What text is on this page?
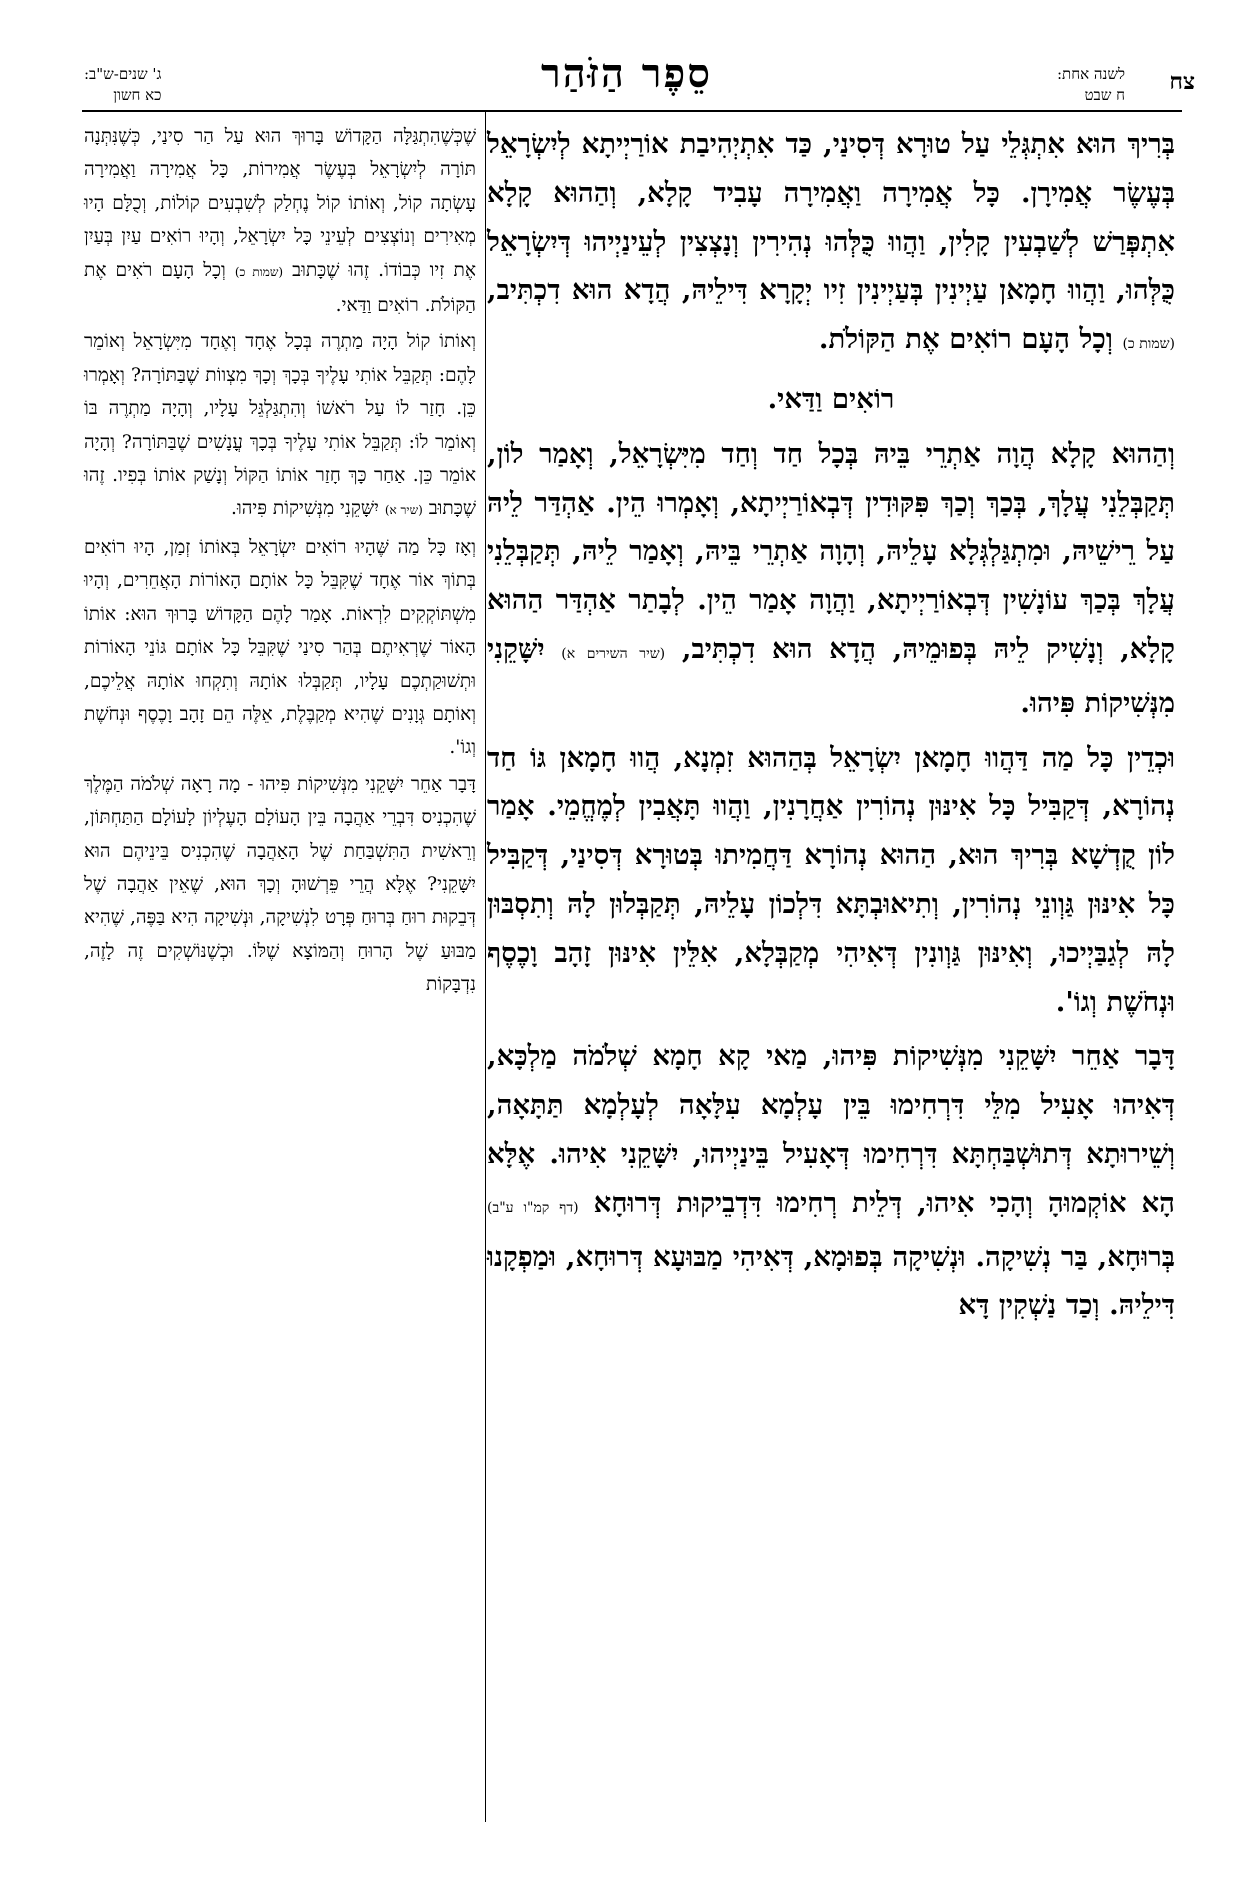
צח
לשנה אחת:
ח שבט
סֵפֶר הַזֹּהַר
ג' שנים-ש"ב:
כא חשון

בְּרִיךְ הוּא אִתְגְּלֵי עַל טוּרָא דְּסִינַי, כַּד אִתְיְהִיבַת אוֹרַיְיתָא לְיִשְׂרָאֵל בְּעֶשֶׂר אֲמִירָן. כָּל אֲמִירָה וַאֲמִירָה עָבִיד קָלָא, וְהַהוּא קָלָא אִתְפְּרַשׁ לְשַׁבְעִין קָלִין, וַהֲווּ כֻּלְּהוּ נְהִירִין וְנָצְצִין לְעֵינַיְיהוּ דְּיִשְׂרָאֵל כֻּלְּהוּ, וַהֲווּ חָמָאן עַיְינִין בְּעַיְינִין זִיו יְקָרָא דִּילֵיהּ, הֲדָא הוּא דִכְתִּיב, (שמות כ) וְכָל הָעָם רוֹאִים אֶת הַקּוֹלֹת.

רוֹאִים וַדַּאי.

וְהַהוּא קָלָא הֲוָה אַתְרֵי בֵּיהּ בְּכָל חַד וְחַד מִיִּשְׂרָאֵל, וְאָמַר לוֹן, תְּקַבְּלֵנִי עֲלָךְ, בְּכַךְ וְכַךְ פִּקּוּדִין דְּבְאוֹרַיְיתָא, וְאָמְרוּ הֵין. אַהְדַּר לֵיהּ עַל רֵישֵׁיהּ, וּמִתְגַּלְגְּלָא עָלֵיהּ, וְהָוָה אַתְרֵי בֵּיהּ, וְאָמַר לֵיהּ, תְּקַבְּלֵנִי עֲלָךְ בְּכַךְ עוֹנָשִׁין דְּבְאוֹרַיְיתָא, וַהֲוָה אָמַר הֵין. לְבָתַר אַהְדַּר הַהוּא קָלָא, וְנָשִׁיק לֵיהּ בְּפוּמֵיהּ, הֲדָא הוּא דִכְתִּיב, (שיר השירים א) יִשָּׁקֵנִי מִנְּשִׁיקוֹת פִּיהוּ.

וּכְדֵין כָּל מַה דַּהֲווּ חָמָאן יִשְׂרָאֵל בְּהַהוּא זִמְנָא, הֲווּ חָמָאן גּוֹ חַד נְהוֹרָא, דְּקַבִּיל כָּל אִינּוּן נְהוֹרִין אַחֲרָנִין, וַהֲווּ תָּאֲבִין לְמֶחֱמֵי. אָמַר לוֹן קֻדְשָׁא בְּרִיךְ הוּא, הַהוּא נְהוֹרָא דַּחֲמִיתוּ בְּטוּרָא דְּסִינַי, דְּקַבִּיל כָּל אִינּוּן גַּוְונֵי נְהוֹרִין, וְתִיאוּבְתָּא דִּלְכוֹן עָלֵיהּ, תְּקַבְּלוּן לָהּ וְתִסְבּוּן לָהּ לְגַבַּיְיכוּ, וְאִינּוּן גַּוְונִין דְּאִיהִי מְקַבְּלָא, אִלֵּין אִינּוּן זָהָב וָכֶסֶף וּנְחֹשֶׁת וְגוֹ'.

דָּבָר אַחֵר יִשָּׁקֵנִי מִנְּשִׁיקוֹת פִּיהוּ, מַאי קָא חָמָא שְׁלֹמֹה מַלְכָּא, דְּאִיהוּ אָעִיל מִלֵּי דִּרְחִימוּ בֵּין עָלְמָא עִלָּאָה לְעָלְמָא תַּתָּאָה, וְשֵׁירוּתָא דְּתוּשְׁבַּחְתָּא דִּרְחִימוּ דְּאָעִיל בֵּינַיְיהוּ, יִשָּׁקֵנִי אִיהוּ. אֶלָּא הָא אוֹקְמוּהָ וְהָכִי אִיהוּ, דְּלֵית רְחִימוּ דִּדְבֵיקוּת דְּרוּחָא (דף קמ"ו ע"ב) בְּרוּחָא, בַּר נְשִׁיקָה. וּנְשִׁיקָה בְּפוּמָא, דְּאִיהִי מַבּוּעָא דְּרוּחָא, וּמַפְקָנוּ דִּילֵיהּ. וְכַד נַשְׁקִין דָּא

שֶׁכְּשֶׁהִתְגַּלָּה הַקָּדוֹשׁ בָּרוּךְ הוּא עַל הַר סִינַי, כְּשֶׁנִּתְּנָה תּוֹרָה לְיִשְׂרָאֵל בְּעֶשֶׂר אֲמִירוֹת, כָּל אֲמִירָה וַאֲמִירָה עָשְׂתָה קוֹל, וְאוֹתוֹ קוֹל נֶחְלַק לְשִׁבְעִים קוֹלוֹת, וְכֻלָּם הָיוּ מְאִירִים וְנוֹצְצִים לְעֵינֵי כָּל יִשְׂרָאֵל, וְהָיוּ רוֹאִים עַיִן בְּעַיִן אֶת זִיו כְּבוֹדוֹ. זֶהוּ שֶׁכָּתוּב (שמות כ) וְכָל הָעָם רֹאִים אֶת הַקּוֹלֹת. רוֹאִים וַדַּאי.

וְאוֹתוֹ קוֹל הָיָה מַתְרֶה בְּכָל אֶחָד וְאֶחָד מִיִּשְׂרָאֵל וְאוֹמֵר לָהֶם: תְּקַבֵּל אוֹתִי עָלֶיךָ בְּכָךְ וְכָךְ מִצְווֹת שֶׁבַּתּוֹרָה? וְאָמְרוּ כֵּן. חָזַר לוֹ עַל רֹאשׁוֹ וְהִתְגַּלְגֵּל עָלָיו, וְהָיָה מַתְרֶה בּוֹ וְאוֹמֵר לוֹ: תְּקַבֵּל אוֹתִי עָלֶיךָ בְּכָךְ עֳנָשִׁים שֶׁבַּתּוֹרָה? וְהָיָה אוֹמֵר כֵּן. אַחַר כָּךְ חָזַר אוֹתוֹ הַקּוֹל וְנָשַׁק אוֹתוֹ בְּפִיו. זֶהוּ שֶׁכָּתוּב (שיר א) יִשָּׁקֵנִי מִנְּשִׁיקוֹת פִּיהוּ.

וְאָז כָּל מַה שֶּׁהָיוּ רוֹאִים יִשְׂרָאֵל בְּאוֹתוֹ זְמַן, הָיוּ רוֹאִים בְּתוֹךְ אוֹר אֶחָד שֶׁקִּבֵּל כָּל אוֹתָם הָאוֹרוֹת הָאֲחֵרִים, וְהָיוּ מִשְׁתּוֹקְקִים לִרְאוֹת. אָמַר לָהֶם הַקָּדוֹשׁ בָּרוּךְ הוּא: אוֹתוֹ הָאוֹר שֶׁרְאִיתֶם בְּהַר סִינַי שֶׁקִּבֵּל כָּל אוֹתָם גּוֹנֵי הָאוֹרוֹת וּתְשׁוּקַתְכֶם עָלָיו, תְּקַבְּלוּ אוֹתָהּ וְתִקְחוּ אוֹתָהּ אֲלֵיכֶם, וְאוֹתָם גְּוָנִים שֶׁהִיא מְקַבֶּלֶת, אֵלֶּה הֵם זָהָב וָכֶסֶף וּנְחֹשֶׁת וְגוֹ'.

דָּבָר אַחֵר יִשָּׁקֵנִי מִנְּשִׁיקוֹת פִּיהוּ - מָה רָאָה שְׁלֹמֹה הַמֶּלֶךְ שֶׁהִכְנִיס דִּבְרֵי אַהֲבָה בֵּין הָעוֹלָם הָעֶלְיוֹן לָעוֹלָם הַתַּחְתּוֹן, וְרֵאשִׁית הַתִּשְׁבַּחַת שֶׁל הָאַהֲבָה שֶׁהִכְנִיס בֵּינֵיהֶם הוּא יִשָּׁקֵנִי? אֶלָּא הֲרֵי פֵּרְשׁוּהָ וְכָךְ הוּא, שֶׁאֵין אַהֲבָה שֶׁל דְּבֵקוּת רוּחַ בְּרוּחַ פְּרָט לִנְשִׁיקָה, וּנְשִׁיקָה הִיא בַּפֶּה, שֶׁהִיא מַבּוּעַ שֶׁל הָרוּחַ וְהַמּוֹצָא שֶׁלּוֹ. וּכְשֶׁנּוֹשְׁקִים זֶה לָזֶה, נִדְבָּקוֹת
